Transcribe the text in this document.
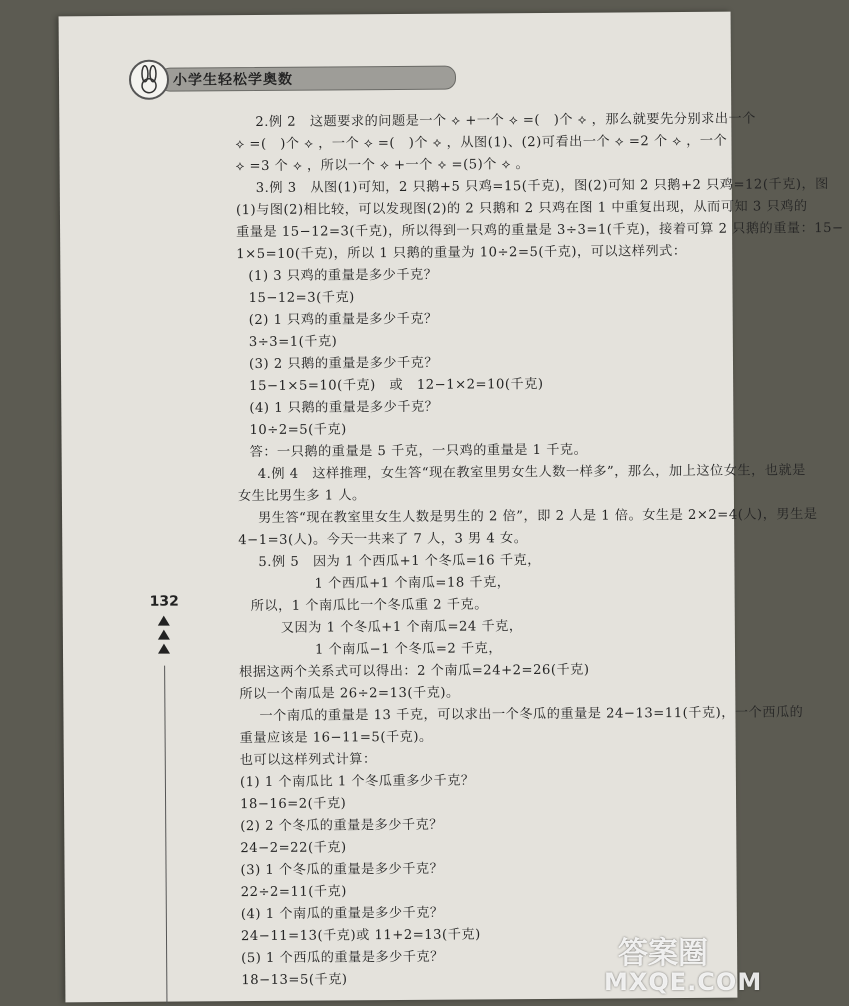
小学生轻松学奥数
132
2.例 2　这题要求的问题是一个 ⟡ +一个 ⟡ =(　)个 ⟡ ，那么就要先分别求出一个
⟡ =(　)个 ⟡ ，一个 ⟡ =(　)个 ⟡ ，从图(1)、(2)可看出一个 ⟡ =2 个 ⟡ ，一个
⟡ =3 个 ⟡ ，所以一个 ⟡ +一个 ⟡ =(5)个 ⟡ 。
3.例 3　从图(1)可知，2 只鹅+5 只鸡=15(千克)，图(2)可知 2 只鹅+2 只鸡=12(千克)，图
(1)与图(2)相比较，可以发现图(2)的 2 只鹅和 2 只鸡在图 1 中重复出现，从而可知 3 只鸡的
重量是 15−12=3(千克)，所以得到一只鸡的重量是 3÷3=1(千克)，接着可算 2 只鹅的重量：15−
1×5=10(千克)，所以 1 只鹅的重量为 10÷2=5(千克)，可以这样列式：
(1) 3 只鸡的重量是多少千克？
15−12=3(千克)
(2) 1 只鸡的重量是多少千克？
3÷3=1(千克)
(3) 2 只鹅的重量是多少千克？
15−1×5=10(千克)　或　12−1×2=10(千克)
(4) 1 只鹅的重量是多少千克？
10÷2=5(千克)
答：一只鹅的重量是 5 千克，一只鸡的重量是 1 千克。
4.例 4　这样推理，女生答“现在教室里男女生人数一样多”，那么，加上这位女生，也就是
女生比男生多 1 人。
男生答“现在教室里女生人数是男生的 2 倍”，即 2 人是 1 倍。女生是 2×2=4(人)，男生是
4−1=3(人)。今天一共来了 7 人，3 男 4 女。
5.例 5　因为 1 个西瓜+1 个冬瓜=16 千克，
1 个西瓜+1 个南瓜=18 千克，
所以，1 个南瓜比一个冬瓜重 2 千克。
又因为 1 个冬瓜+1 个南瓜=24 千克，
1 个南瓜−1 个冬瓜=2 千克，
根据这两个关系式可以得出：2 个南瓜=24+2=26(千克)
所以一个南瓜是 26÷2=13(千克)。
一个南瓜的重量是 13 千克，可以求出一个冬瓜的重量是 24−13=11(千克)，一个西瓜的
重量应该是 16−11=5(千克)。
也可以这样列式计算：
(1) 1 个南瓜比 1 个冬瓜重多少千克？
18−16=2(千克)
(2) 2 个冬瓜的重量是多少千克？
24−2=22(千克)
(3) 1 个冬瓜的重量是多少千克？
22÷2=11(千克)
(4) 1 个南瓜的重量是多少千克？
24−11=13(千克)或 11+2=13(千克)
(5) 1 个西瓜的重量是多少千克？
18−13=5(千克)
答案圈
MXQE.COM
